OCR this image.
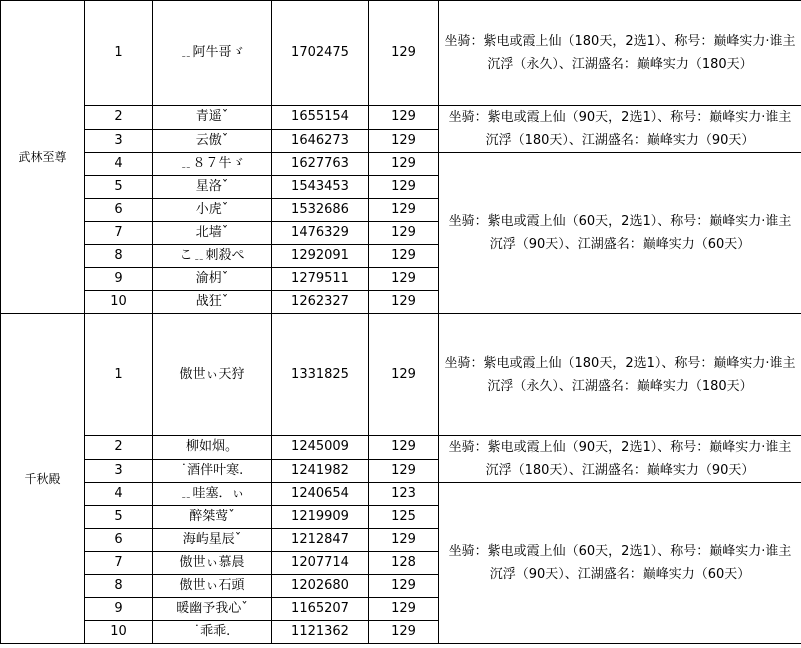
武林至尊	1	﹎阿牛哥ゞ	1702475	129	坐骑：紫电或霞上仙（180天，2选1）、称号：巅峰实力·谁主沉浮（永久）、江湖盛名：巅峰实力（180天）
	2	青遥ˇ	1655154	129	坐骑：紫电或霞上仙（90天，2选1）、称号：巅峰实力·谁主沉浮（180天）、江湖盛名：巅峰实力（90天）
	3	云傲ˇ	1646273	129	
	4	﹎８７牛ゞ	1627763	129	坐骑：紫电或霞上仙（60天，2选1）、称号：巅峰实力·谁主沉浮（90天）、江湖盛名：巅峰实力（60天）
	5	星洛ˇ	1543453	129	
	6	小虎ˇ	1532686	129	
	7	北墙ˇ	1476329	129	
	8	こ﹎刺殺ぺ	1292091	129	
	9	渝枂ˇ	1279511	129	
	10	战狂ˇ	1262327	129	
千秋殿	1	傲世ぃ天狩	1331825	129	坐骑：紫电或霞上仙（180天，2选1）、称号：巅峰实力·谁主沉浮（永久）、江湖盛名：巅峰实力（180天）
	2	柳如烟。	1245009	129	坐骑：紫电或霞上仙（90天，2选1）、称号：巅峰实力·谁主沉浮（180天）、江湖盛名：巅峰实力（90天）
	3	˙酒伴叶寒.	1241982	129	
	4	﹎哇塞．ぃ	1240654	123	坐骑：紫电或霞上仙（60天，2选1）、称号：巅峰实力·谁主沉浮（90天）、江湖盛名：巅峰实力（60天）
	5	醉桀莺ˇ	1219909	125	
	6	海屿星辰ˇ	1212847	129	
	7	傲世ぃ慕晨	1207714	128	
	8	傲世ぃ石頭	1202680	129	
	9	暖幽予我心ˇ	1165207	129	
	10	˙乖乖.	1121362	129	
